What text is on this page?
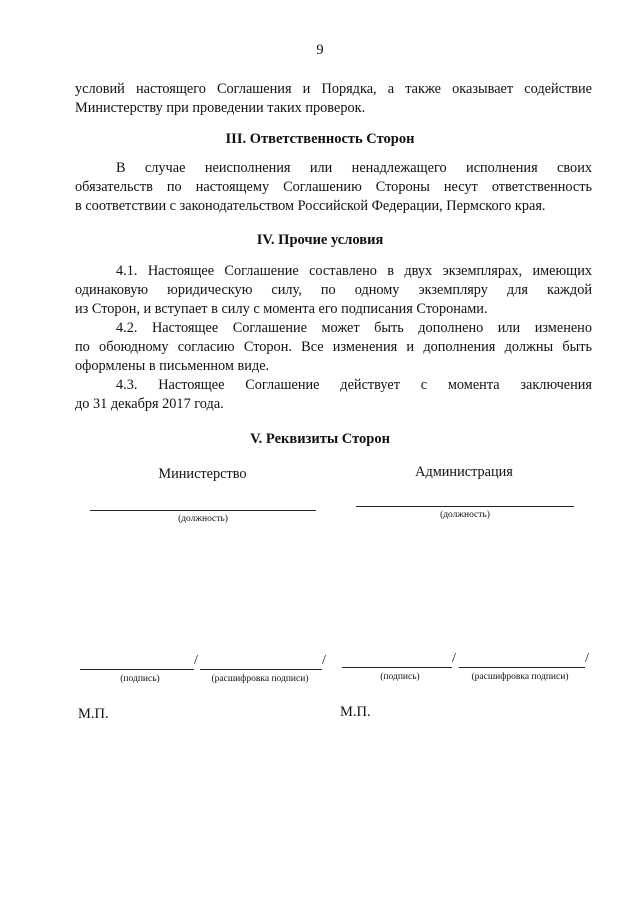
9
условий настоящего Соглашения и Порядка, а также оказывает содействие
Министерству при проведении таких проверок.
III. Ответственность Сторон
В случае неисполнения или ненадлежащего исполнения своих
обязательств по настоящему Соглашению Стороны несут ответственность
в соответствии с законодательством Российской Федерации, Пермского края.
IV. Прочие условия
4.1. Настоящее Соглашение составлено в двух экземплярах, имеющих
одинаковую юридическую силу, по одному экземпляру для каждой
из Сторон, и вступает в силу с момента его подписания Сторонами.
4.2. Настоящее Соглашение может быть дополнено или изменено
по обоюдному согласию Сторон. Все изменения и дополнения должны быть
оформлены в письменном виде.
4.3. Настоящее Соглашение действует с момента заключения
до 31 декабря 2017 года.
V. Реквизиты Сторон
Министерство	Администрация
(должность)	(должность)
/	/
(подпись)	(расшифровка подписи)
/	/
(подпись)	(расшифровка подписи)
М.П.	М.П.
